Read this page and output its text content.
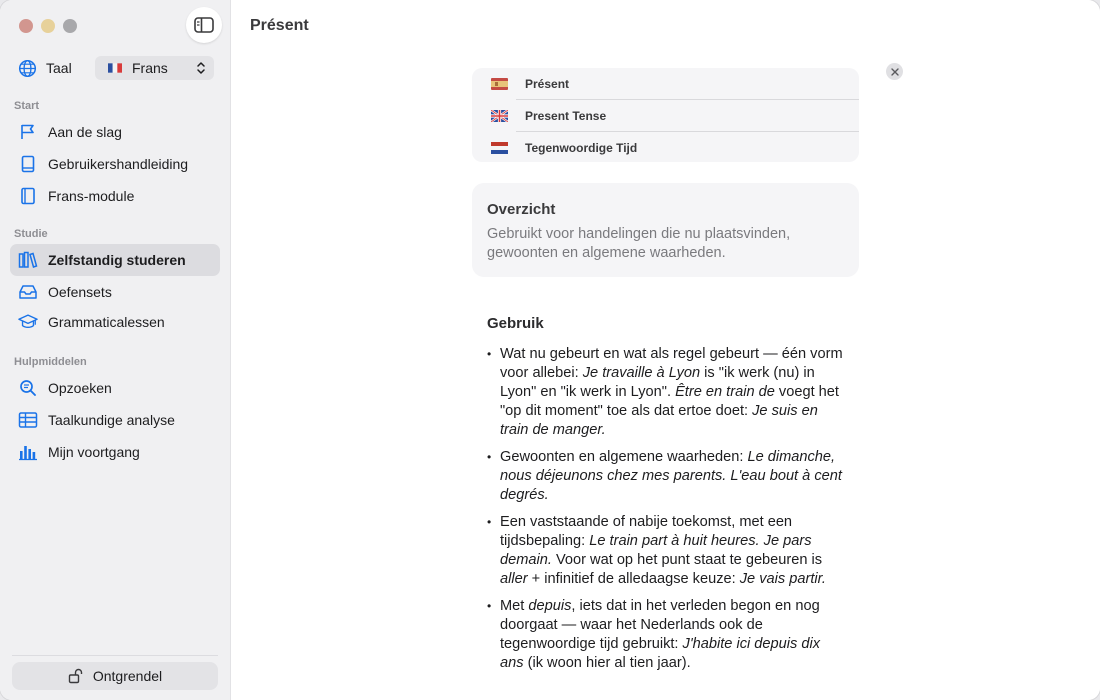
Taal	Frans
Start
Aan de slag
Gebruikershandleiding
Frans-module
Studie
Zelfstandig studeren
Oefensets
Grammaticalessen
Hulpmiddelen
Opzoeken
Taalkundige analyse
Mijn voortgang
Ontgrendel
Présent
Présent
Present Tense
Tegenwoordige Tijd
Overzicht
Gebruikt voor handelingen die nu plaatsvinden, gewoonten en algemene waarheden.
Gebruik
• Wat nu gebeurt en wat als regel gebeurt — één vorm voor allebei: Je travaille à Lyon is "ik werk (nu) in Lyon" en "ik werk in Lyon". Être en train de voegt het "op dit moment" toe als dat ertoe doet: Je suis en train de manger.
• Gewoonten en algemene waarheden: Le dimanche, nous déjeunons chez mes parents. L'eau bout à cent degrés.
• Een vaststaande of nabije toekomst, met een tijdsbepaling: Le train part à huit heures. Je pars demain. Voor wat op het punt staat te gebeuren is aller + infinitief de alledaagse keuze: Je vais partir.
• Met depuis, iets dat in het verleden begon en nog doorgaat — waar het Nederlands ook de tegenwoordige tijd gebruikt: J'habite ici depuis dix ans (ik woon hier al tien jaar).
